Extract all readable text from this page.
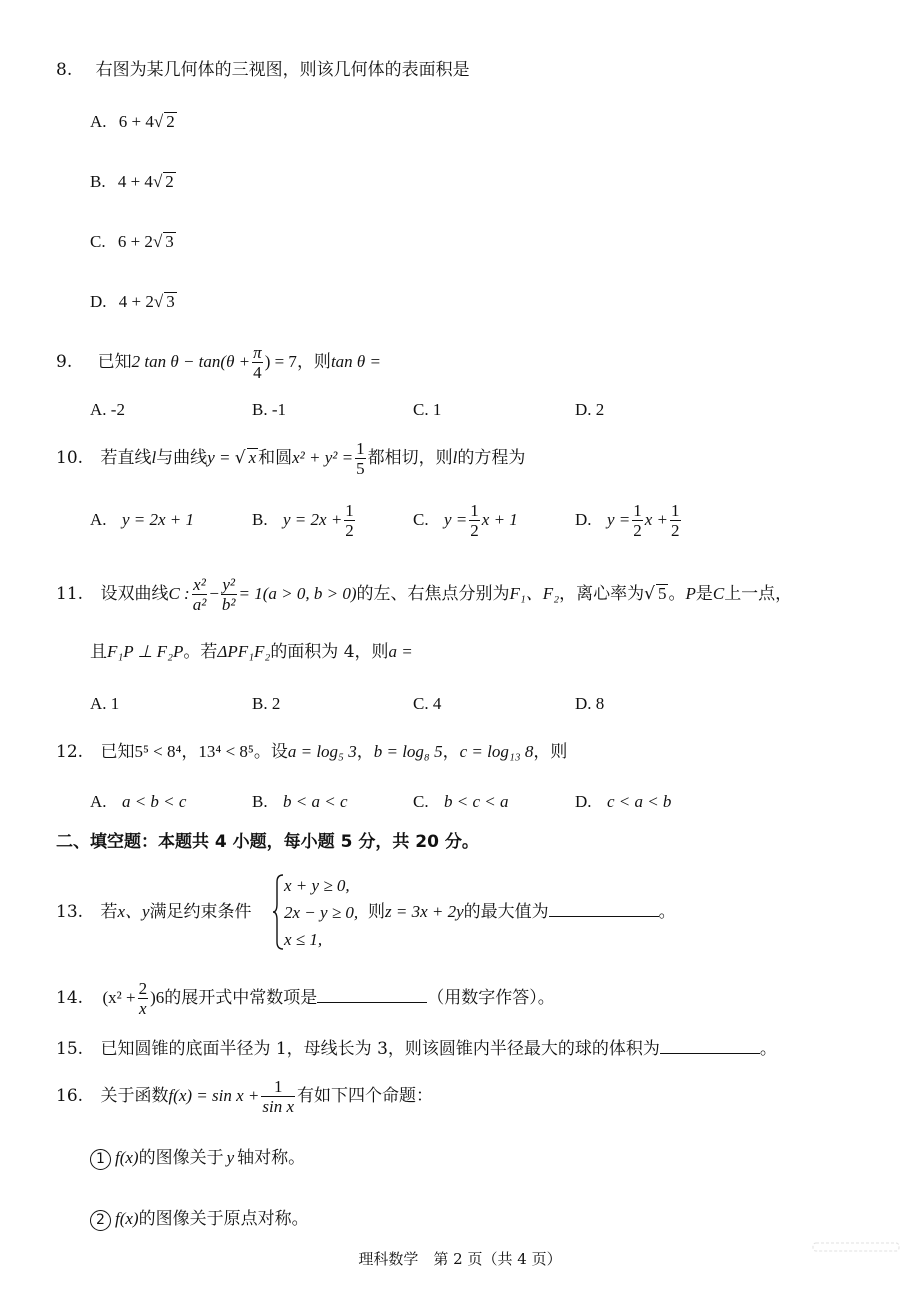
8. 右图为某几何体的三视图，则该几何体的表面积是
A. 6 + 4√ 2
B. 4 + 4√ 2
C. 6 + 2√ 3
D. 4 + 2√ 3
9. 已知2 $\tan \theta - \tan(\theta + \frac{\pi}{4}$ ) = 7，则tan θ =
A. -2	B. -1	C. 1	D. 2
10. 若直线l与曲线y = √ x 和圆$x^2 + y^2 = \frac{1}{5}$ 都相切，则l的方程为
A. y = 2x + 1	B. $y = 2x + \frac{1}{2}$	C. $y = \frac{1}{2}$ x + 1	D. $y = \frac{1}{2}$ $x + \frac{1}{2}$
11. 设双曲线C : $\frac{\text{x²}}{\text{a²}} - \frac{\text{y²}}{\text{b²}} = 1(a > 0$, b > 0)的左、右焦点分别为F₁、F₂，离心率为√ 5 。P是C上一点，
且F₁P ⊥ F₂P。若ΔPF₁F₂的面积为 4，则a =
A. 1	B. 2	C. 4	D. 8
12. 已知5⁵ < 8⁴，13⁴ < 8⁵。设a = log₅ 3，b = log₈ 5，c = log₁₃ 8，则
A. a < b < c	B. b < a < c	C. b < c < a	D. c < a < b
二、填空题：本题共 4 小题，每小题 5 分，共 20 分。
13. 若x、y满足约束条件
x + y ≥ 0,
2x − y ≥ 0,
x ≤ 1,
则z = 3x + 2y的最大值为	。
14. $(x^2 + \frac{2}{x} )6$的展开式中常数项是	（用数字作答）。
15. 已知圆锥的底面半径为 1，母线长为 3，则该圆锥内半径最大的球的体积为	。
16. 关于函数$f(x) = \sin x + \frac{1}{\text{sin x}}$ 有如下四个命题：
1 f(x)的图像关于 y 轴对称。
2 f(x)的图像关于原点对称。
理科数学　第 2 页（共 4 页）
